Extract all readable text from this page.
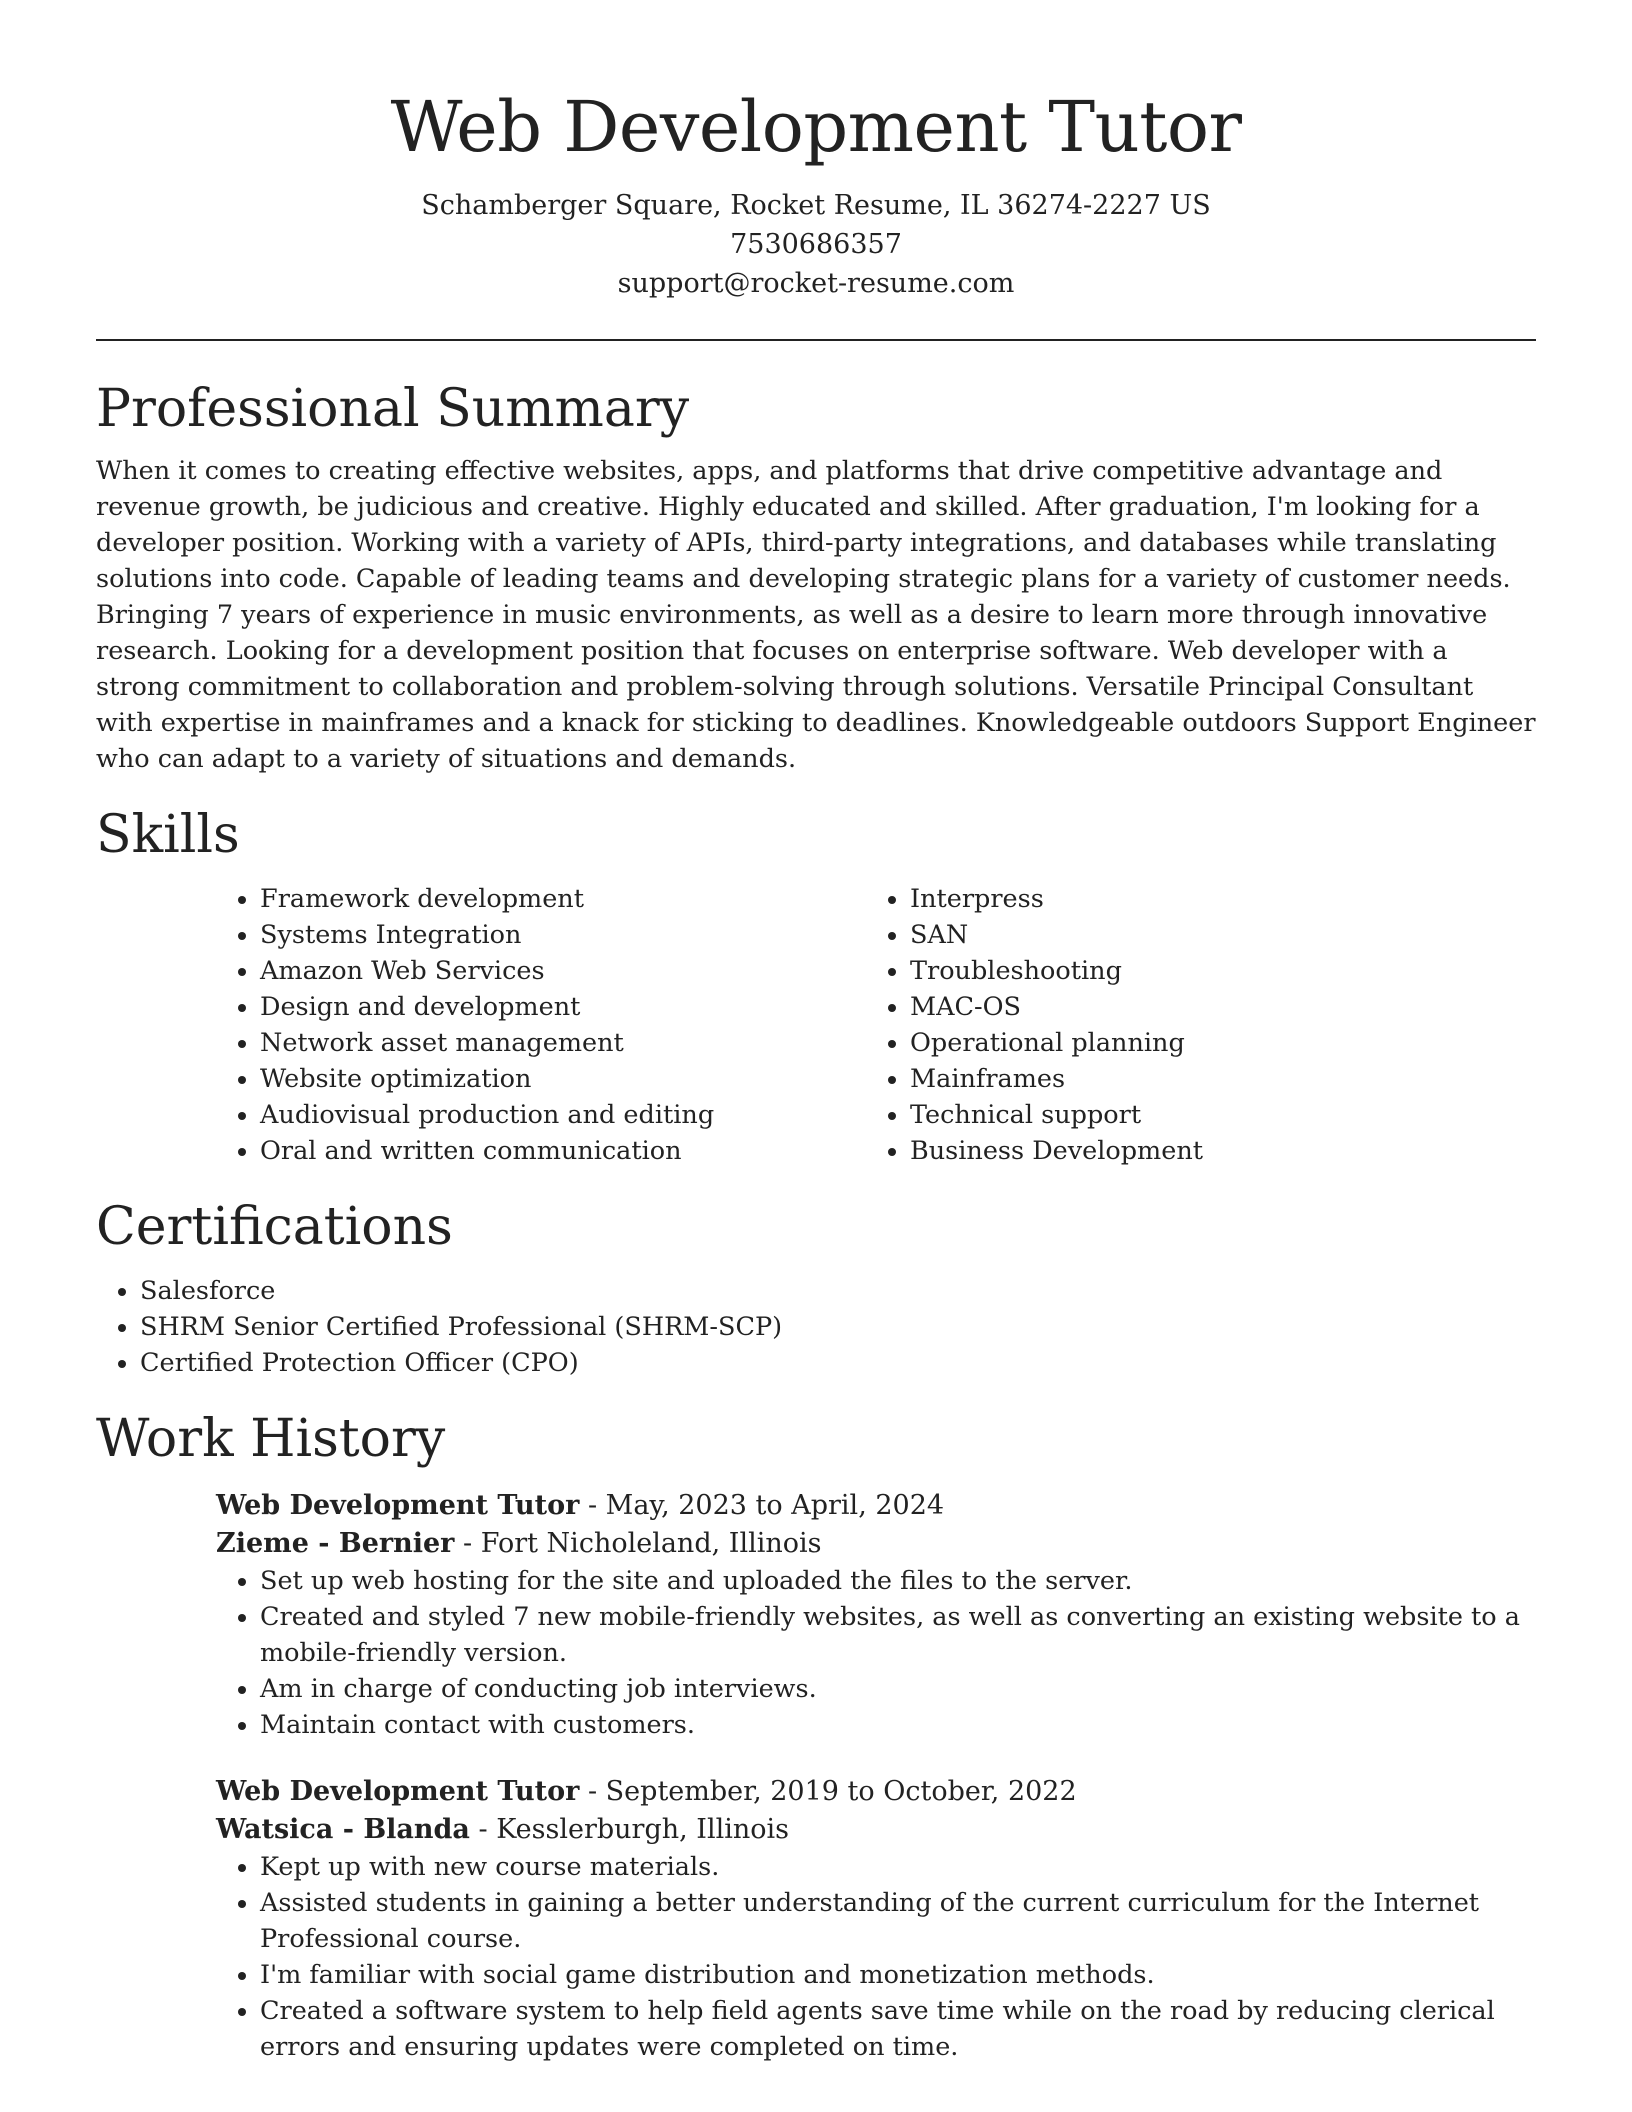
Web Development Tutor
Schamberger Square, Rocket Resume, IL 36274-2227 US
7530686357
support@rocket-resume.com
Professional Summary

When it comes to creating effective websites, apps, and platforms that drive competitive advantage and revenue growth, be judicious and creative. Highly educated and skilled. After graduation, I'm looking for a developer position. Working with a variety of APIs, third-party integrations, and databases while translating solutions into code. Capable of leading teams and developing strategic plans for a variety of customer needs. Bringing 7 years of experience in music environments, as well as a desire to learn more through innovative research. Looking for a development position that focuses on enterprise software. Web developer with a strong commitment to collaboration and problem-solving through solutions. Versatile Principal Consultant with expertise in mainframes and a knack for sticking to deadlines. Knowledgeable outdoors Support Engineer who can adapt to a variety of situations and demands.

Skills
• Framework development
• Systems Integration
• Amazon Web Services
• Design and development
• Network asset management
• Website optimization
• Audiovisual production and editing
• Oral and written communication
• Interpress
• SAN
• Troubleshooting
• MAC-OS
• Operational planning
• Mainframes
• Technical support
• Business Development
Certifications
• Salesforce
• SHRM Senior Certified Professional (SHRM-SCP)
• Certified Protection Officer (CPO)
Work History
Web Development Tutor - May, 2023 to April, 2024
Zieme - Bernier - Fort Nicholeland, Illinois
• Set up web hosting for the site and uploaded the files to the server.
• Created and styled 7 new mobile-friendly websites, as well as converting an existing website to a mobile-friendly version.
• Am in charge of conducting job interviews.
• Maintain contact with customers.
Web Development Tutor - September, 2019 to October, 2022
Watsica - Blanda - Kesslerburgh, Illinois
• Kept up with new course materials.
• Assisted students in gaining a better understanding of the current curriculum for the Internet Professional course.
• I'm familiar with social game distribution and monetization methods.
• Created a software system to help field agents save time while on the road by reducing clerical errors and ensuring updates were completed on time.
